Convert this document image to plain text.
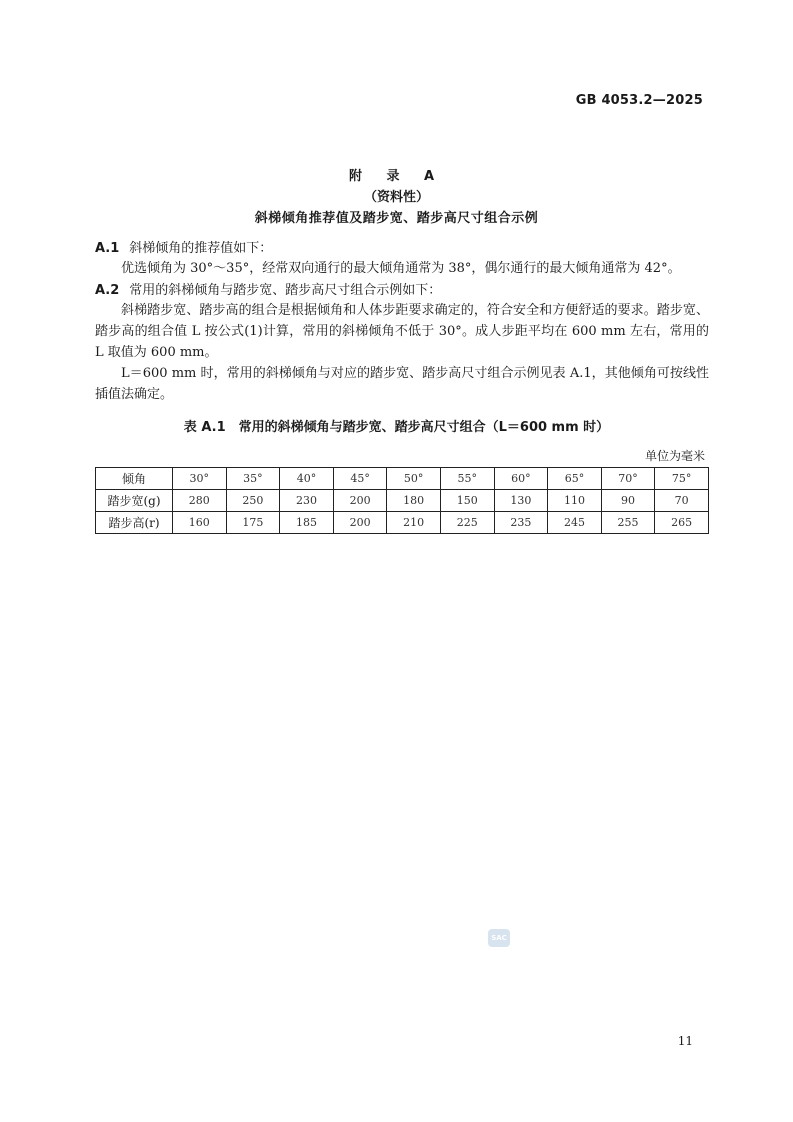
GB 4053.2—2025
附 录 A
（资料性）
斜梯倾角推荐值及踏步宽、踏步高尺寸组合示例
A.1 斜梯倾角的推荐值如下：
优选倾角为 30°～35°，经常双向通行的最大倾角通常为 38°，偶尔通行的最大倾角通常为 42°。
A.2 常用的斜梯倾角与踏步宽、踏步高尺寸组合示例如下：
斜梯踏步宽、踏步高的组合是根据倾角和人体步距要求确定的，符合安全和方便舒适的要求。踏步宽、踏步高的组合值 L 按公式(1)计算，常用的斜梯倾角不低于 30°。成人步距平均在 600 mm 左右，常用的 L 取值为 600 mm。
L＝600 mm 时，常用的斜梯倾角与对应的踏步宽、踏步高尺寸组合示例见表 A.1，其他倾角可按线性插值法确定。
表 A.1　常用的斜梯倾角与踏步宽、踏步高尺寸组合（L＝600 mm 时）
单位为毫米
倾角	30°	35°	40°	45°	50°	55°	60°	65°	70°	75°
踏步宽(g)	280	250	230	200	180	150	130	110	90	70
踏步高(r)	160	175	185	200	210	225	235	245	255	265
SAC
11
